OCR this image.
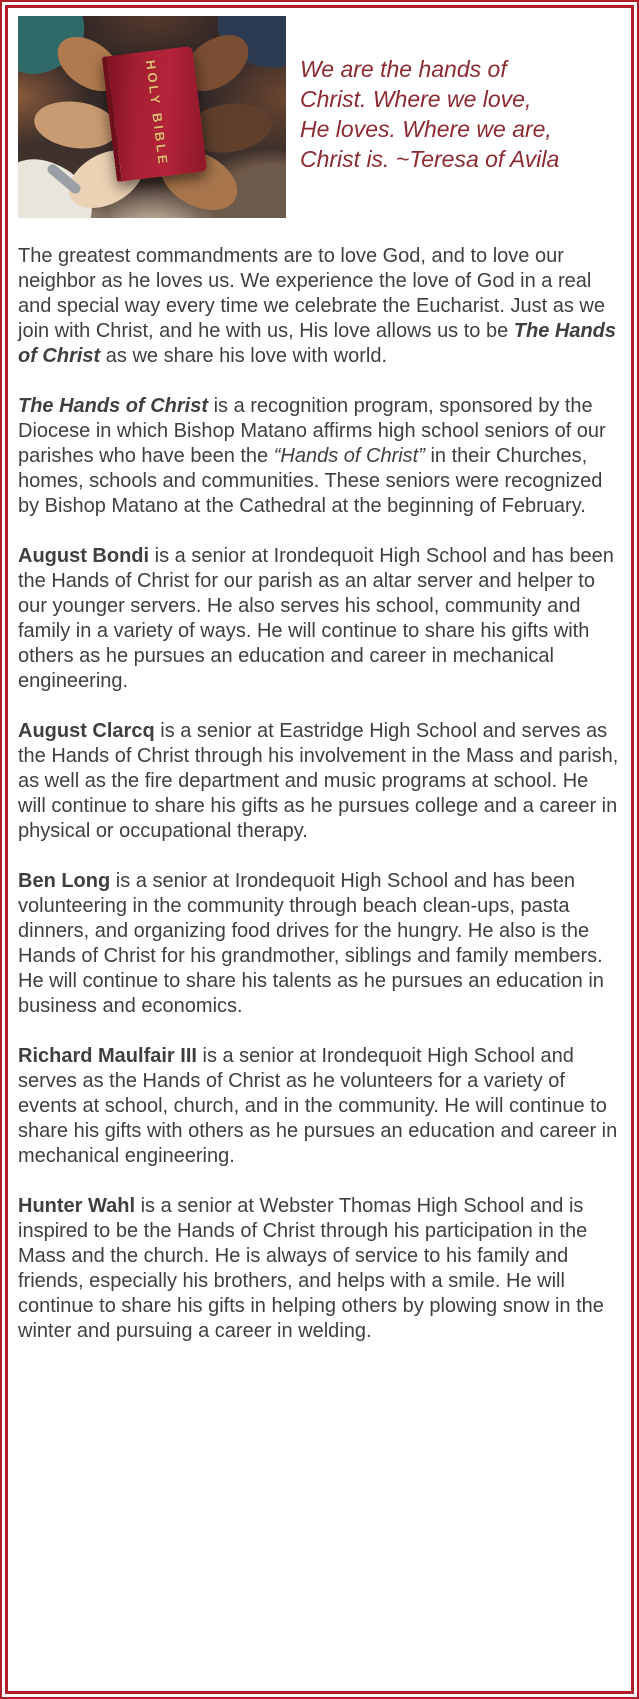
HOLY BIBLE	We are the hands of
Christ. Where we love,
He loves. Where we are,
Christ is. ~Teresa of Avila

The greatest commandments are to love God, and to love our neighbor as he loves us. We experience the love of God in a real and special way every time we celebrate the Eucharist. Just as we join with Christ, and he with us, His love allows us to be The Hands of Christ as we share his love with world.

The Hands of Christ is a recognition program, sponsored by the Diocese in which Bishop Matano affirms high school seniors of our parishes who have been the “Hands of Christ” in their Churches, homes, schools and communities. These seniors were recognized by Bishop Matano at the Cathedral at the beginning of February.

August Bondi is a senior at Irondequoit High School and has been the Hands of Christ for our parish as an altar server and helper to our younger servers. He also serves his school, community and family in a variety of ways. He will continue to share his gifts with others as he pursues an education and career in mechanical engineering.

August Clarcq is a senior at Eastridge High School and serves as the Hands of Christ through his involvement in the Mass and parish, as well as the fire department and music programs at school. He will continue to share his gifts as he pursues college and a career in physical or occupational therapy.

Ben Long is a senior at Irondequoit High School and has been volunteering in the community through beach clean-ups, pasta dinners, and organizing food drives for the hungry. He also is the Hands of Christ for his grandmother, siblings and family members. He will continue to share his talents as he pursues an education in business and economics.

Richard Maulfair III is a senior at Irondequoit High School and serves as the Hands of Christ as he volunteers for a variety of events at school, church, and in the community. He will continue to share his gifts with others as he pursues an education and career in mechanical engineering.

Hunter Wahl is a senior at Webster Thomas High School and is inspired to be the Hands of Christ through his participation in the Mass and the church. He is always of service to his family and friends, especially his brothers, and helps with a smile. He will continue to share his gifts in helping others by plowing snow in the winter and pursuing a career in welding.
